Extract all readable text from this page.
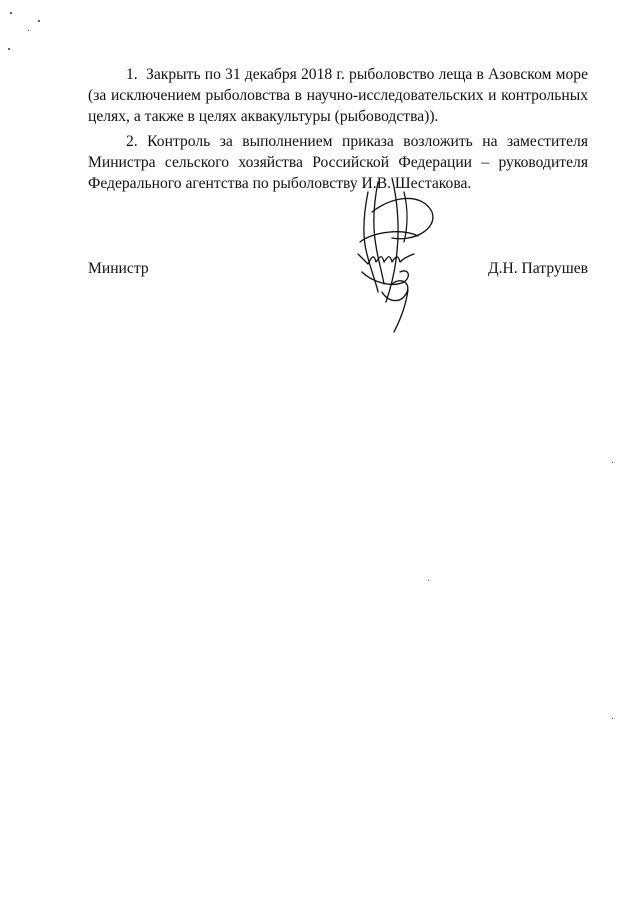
1. Закрыть по 31 декабря 2018 г. рыболовство леща в Азовском море (за исключением рыболовства в научно-исследовательских и контрольных целях, а также в целях аквакультуры (рыбоводства)).

2. Контроль за выполнением приказа возложить на заместителя Министра сельского хозяйства Российской Федерации – руководителя Федерального агентства по рыболовству И.В. Шестакова.

Министр	Д.Н. Патрушев
